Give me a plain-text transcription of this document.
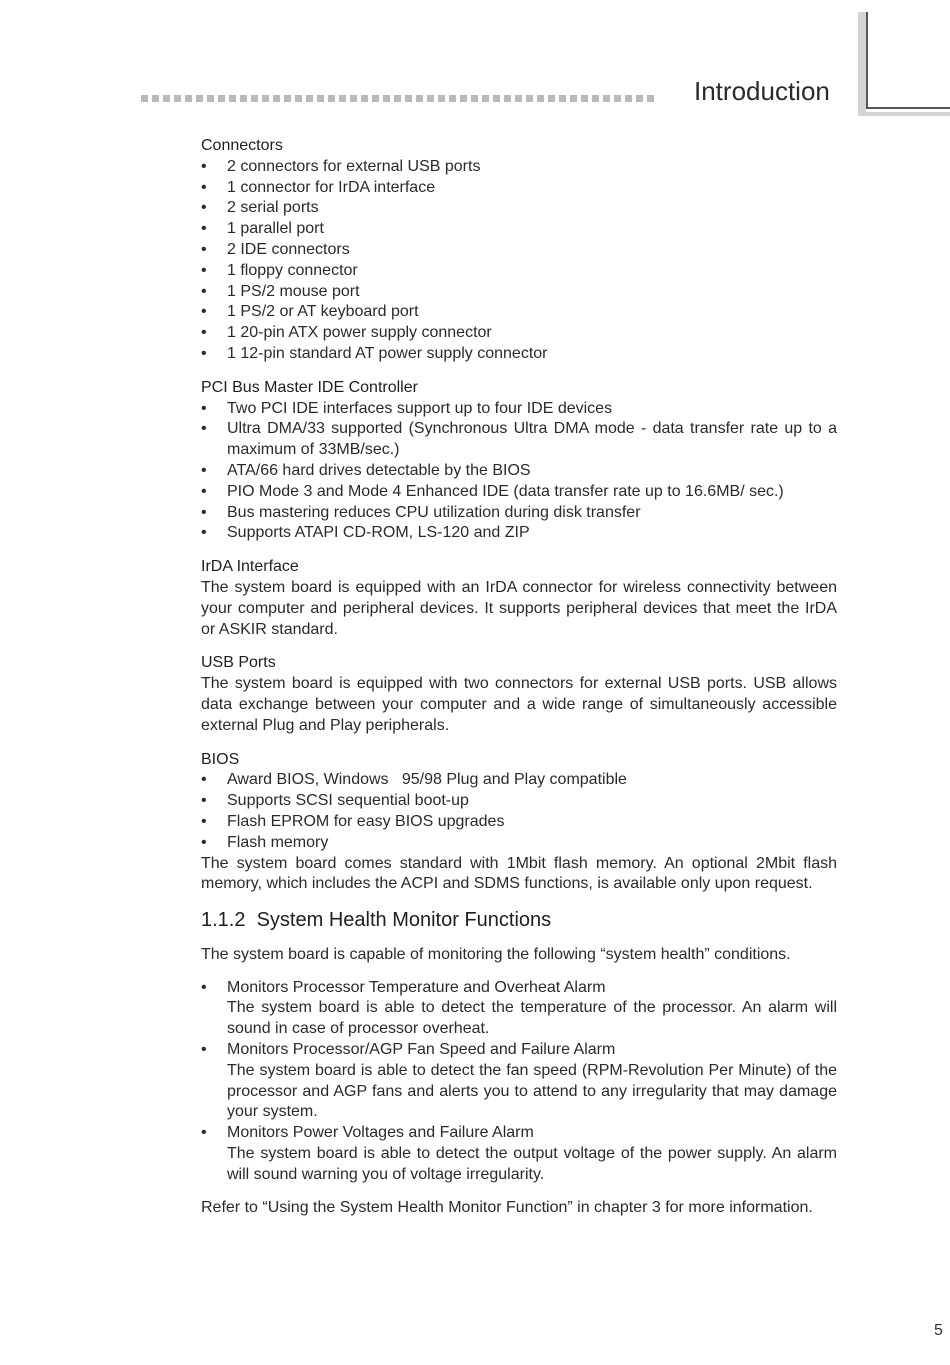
Introduction
Connectors
• 2 connectors for external USB ports
• 1 connector for IrDA interface
• 2 serial ports
• 1 parallel port
• 2 IDE connectors
• 1 floppy connector
• 1 PS/2 mouse port
• 1 PS/2 or AT keyboard port
• 1 20-pin ATX power supply connector
• 1 12-pin standard AT power supply connector
PCI Bus Master IDE Controller
• Two PCI IDE interfaces support up to four IDE devices
• Ultra DMA/33 supported (Synchronous Ultra DMA mode - data transfer rate up to a maximum of 33MB/sec.)
• ATA/66 hard drives detectable by the BIOS
• PIO Mode 3 and Mode 4 Enhanced IDE (data transfer rate up to 16.6MB/ sec.)
• Bus mastering reduces CPU utilization during disk transfer
• Supports ATAPI CD-ROM, LS-120 and ZIP
IrDA Interface

The system board is equipped with an IrDA connector for wireless connectivity between your computer and peripheral devices. It supports peripheral devices that meet the IrDA or ASKIR standard.

USB Ports

The system board is equipped with two connectors for external USB ports. USB allows data exchange between your computer and a wide range of simultaneously accessible external Plug and Play peripherals.

BIOS
• Award BIOS, Windows   95/98 Plug and Play compatible
• Supports SCSI sequential boot-up
• Flash EPROM for easy BIOS upgrades
• Flash memory

The system board comes standard with 1Mbit flash memory. An optional 2Mbit flash memory, which includes the ACPI and SDMS functions, is available only upon request.

1.1.2  System Health Monitor Functions

The system board is capable of monitoring the following “system health” conditions.

• Monitors Processor Temperature and Overheat Alarm
The system board is able to detect the temperature of the processor. An alarm will sound in case of processor overheat.
• Monitors Processor/AGP Fan Speed and Failure Alarm
The system board is able to detect the fan speed (RPM-Revolution Per Minute) of the processor and AGP fans and alerts you to attend to any irregularity that may damage your system.
• Monitors Power Voltages and Failure Alarm
The system board is able to detect the output voltage of the power supply. An alarm will sound warning you of voltage irregularity.

Refer to “Using the System Health Monitor Function” in chapter 3 for more information.

5
